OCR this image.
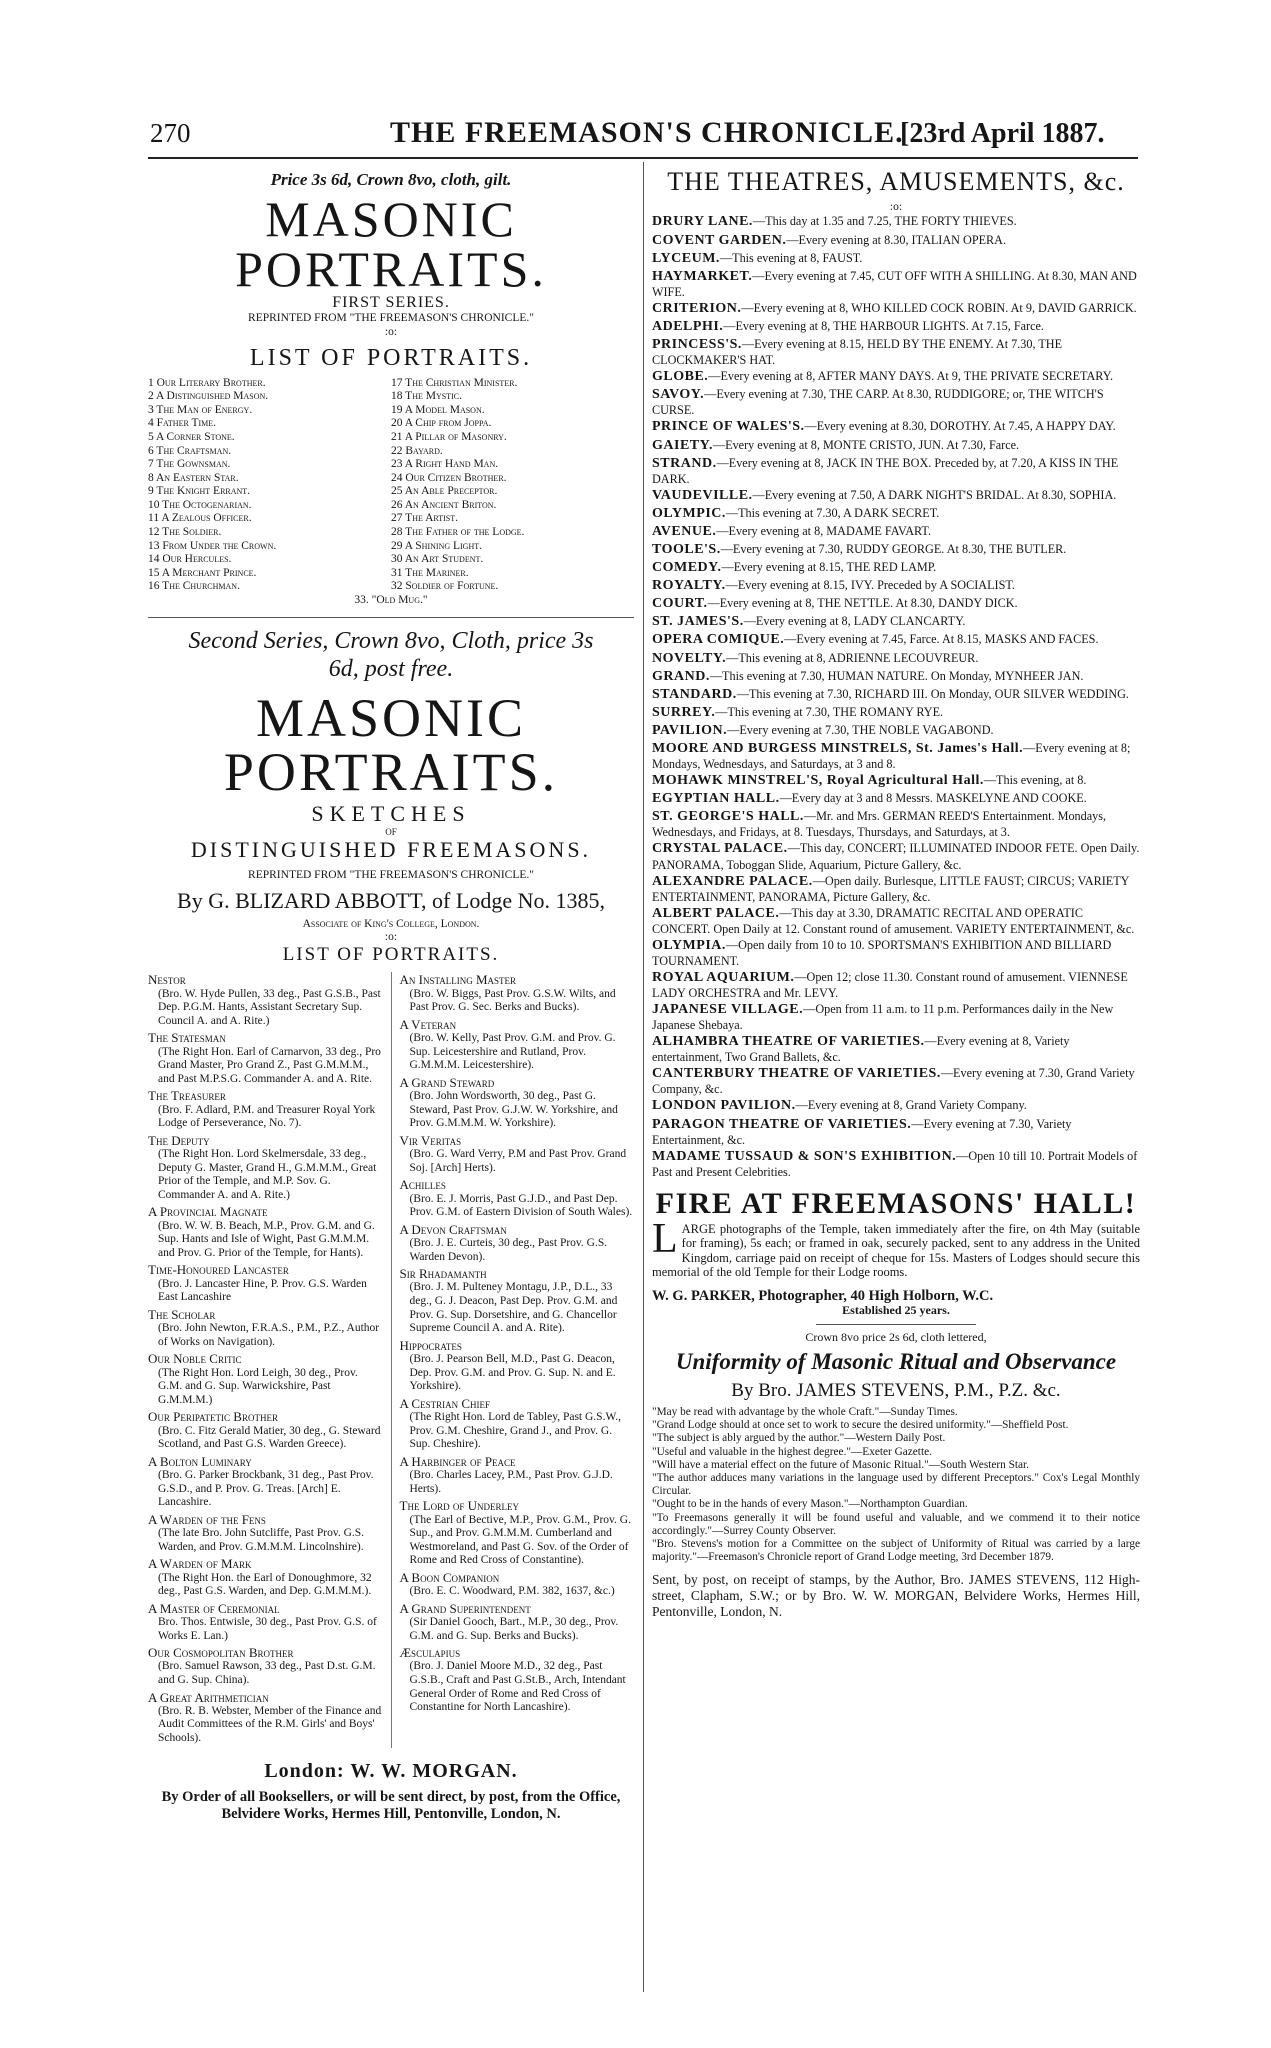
270	THE FREEMASON'S CHRONICLE.
[23rd April 1887.
Price 3s 6d, Crown 8vo, cloth, gilt.
MASONIC PORTRAITS.
FIRST SERIES.
REPRINTED FROM "THE FREEMASON'S CHRONICLE."
:o:
LIST OF PORTRAITS.
1 Our Literary Brother.
2 A Distinguished Mason.
3 The Man of Energy.
4 Father Time.
5 A Corner Stone.
6 The Craftsman.
7 The Gownsman.
8 An Eastern Star.
9 The Knight Errant.
10 The Octogenarian.
11 A Zealous Officer.
12 The Soldier.
13 From Under the Crown.
14 Our Hercules.
15 A Merchant Prince.
16 The Churchman.
17 The Christian Minister.
18 The Mystic.
19 A Model Mason.
20 A Chip from Joppa.
21 A Pillar of Masonry.
22 Bayard.
23 A Right Hand Man.
24 Our Citizen Brother.
25 An Able Preceptor.
26 An Ancient Briton.
27 The Artist.
28 The Father of the Lodge.
29 A Shining Light.
30 An Art Student.
31 The Mariner.
32 Soldier of Fortune.
33. "Old Mug."
Second Series, Crown 8vo, Cloth, price 3s 6d, post free.
MASONIC PORTRAITS.
SKETCHES
OF
DISTINGUISHED FREEMASONS.
REPRINTED FROM "THE FREEMASON'S CHRONICLE."
By G. BLIZARD ABBOTT, of Lodge No. 1385,
Associate of King's College, London.
:o:
LIST OF PORTRAITS.
Nestor
(Bro. W. Hyde Pullen, 33 deg., Past G.S.B., Past Dep. P.G.M. Hants, Assistant Secretary Sup. Council A. and A. Rite.)
The Statesman
(The Right Hon. Earl of Carnarvon, 33 deg., Pro Grand Master, Pro Grand Z., Past G.M.M.M., and Past M.P.S.G. Commander A. and A. Rite.
The Treasurer
(Bro. F. Adlard, P.M. and Treasurer Royal York Lodge of Perseverance, No. 7).
The Deputy
(The Right Hon. Lord Skelmersdale, 33 deg., Deputy G. Master, Grand H., G.M.M.M., Great Prior of the Temple, and M.P. Sov. G. Commander A. and A. Rite.)
A Provincial Magnate
(Bro. W. W. B. Beach, M.P., Prov. G.M. and G. Sup. Hants and Isle of Wight, Past G.M.M.M. and Prov. G. Prior of the Temple, for Hants).
Time-Honoured Lancaster
(Bro. J. Lancaster Hine, P. Prov. G.S. Warden East Lancashire
The Scholar
(Bro. John Newton, F.R.A.S., P.M., P.Z., Author of Works on Navigation).
Our Noble Critic
(The Right Hon. Lord Leigh, 30 deg., Prov. G.M. and G. Sup. Warwickshire, Past G.M.M.M.)
Our Peripatetic Brother
(Bro. C. Fitz Gerald Matier, 30 deg., G. Steward Scotland, and Past G.S. Warden Greece).
A Bolton Luminary
(Bro. G. Parker Brockbank, 31 deg., Past Prov. G.S.D., and P. Prov. G. Treas. [Arch] E. Lancashire.
A Warden of the Fens
(The late Bro. John Sutcliffe, Past Prov. G.S. Warden, and Prov. G.M.M.M. Lincolnshire).
A Warden of Mark
(The Right Hon. the Earl of Donoughmore, 32 deg., Past G.S. Warden, and Dep. G.M.M.M.).
A Master of Ceremonial
Bro. Thos. Entwisle, 30 deg., Past Prov. G.S. of Works E. Lan.)
Our Cosmopolitan Brother
(Bro. Samuel Rawson, 33 deg., Past D.st. G.M. and G. Sup. China).
A Great Arithmetician
(Bro. R. B. Webster, Member of the Finance and Audit Committees of the R.M. Girls' and Boys' Schools).
An Installing Master
(Bro. W. Biggs, Past Prov. G.S.W. Wilts, and Past Prov. G. Sec. Berks and Bucks).
A Veteran
(Bro. W. Kelly, Past Prov. G.M. and Prov. G. Sup. Leicestershire and Rutland, Prov. G.M.M.M. Leicestershire).
A Grand Steward
(Bro. John Wordsworth, 30 deg., Past G. Steward, Past Prov. G.J.W. W. Yorkshire, and Prov. G.M.M.M. W. Yorkshire).
Vir Veritas
(Bro. G. Ward Verry, P.M and Past Prov. Grand Soj. [Arch] Herts).
Achilles
(Bro. E. J. Morris, Past G.J.D., and Past Dep. Prov. G.M. of Eastern Division of South Wales).
A Devon Craftsman
(Bro. J. E. Curteis, 30 deg., Past Prov. G.S. Warden Devon).
Sir Rhadamanth
(Bro. J. M. Pulteney Montagu, J.P., D.L., 33 deg., G. J. Deacon, Past Dep. Prov. G.M. and Prov. G. Sup. Dorsetshire, and G. Chancellor Supreme Council A. and A. Rite).
Hippocrates
(Bro. J. Pearson Bell, M.D., Past G. Deacon, Dep. Prov. G.M. and Prov. G. Sup. N. and E. Yorkshire).
A Cestrian Chief
(The Right Hon. Lord de Tabley, Past G.S.W., Prov. G.M. Cheshire, Grand J., and Prov. G. Sup. Cheshire).
A Harbinger of Peace
(Bro. Charles Lacey, P.M., Past Prov. G.J.D. Herts).
The Lord of Underley
(The Earl of Bective, M.P., Prov. G.M., Prov. G. Sup., and Prov. G.M.M.M. Cumberland and Westmoreland, and Past G. Sov. of the Order of Rome and Red Cross of Constantine).
A Boon Companion
(Bro. E. C. Woodward, P.M. 382, 1637, &c.)
A Grand Superintendent
(Sir Daniel Gooch, Bart., M.P., 30 deg., Prov. G.M. and G. Sup. Berks and Bucks).
Æsculapius
(Bro. J. Daniel Moore M.D., 32 deg., Past G.S.B., Craft and Past G.St.B., Arch, Intendant General Order of Rome and Red Cross of Constantine for North Lancashire).
London: W. W. MORGAN.
By Order of all Booksellers, or will be sent direct, by post, from the Office, Belvidere Works, Hermes Hill, Pentonville, London, N.
THE THEATRES, AMUSEMENTS, &c.
:o:
DRURY LANE.—This day at 1.35 and 7.25, THE FORTY THIEVES.
COVENT GARDEN.—Every evening at 8.30, ITALIAN OPERA.
LYCEUM.—This evening at 8, FAUST.
HAYMARKET.—Every evening at 7.45, CUT OFF WITH A SHILLING. At 8.30, MAN AND WIFE.
CRITERION.—Every evening at 8, WHO KILLED COCK ROBIN. At 9, DAVID GARRICK.
ADELPHI.—Every evening at 8, THE HARBOUR LIGHTS. At 7.15, Farce.
PRINCESS'S.—Every evening at 8.15, HELD BY THE ENEMY. At 7.30, THE CLOCKMAKER'S HAT.
GLOBE.—Every evening at 8, AFTER MANY DAYS. At 9, THE PRIVATE SECRETARY.
SAVOY.—Every evening at 7.30, THE CARP. At 8.30, RUDDIGORE; or, THE WITCH'S CURSE.
PRINCE OF WALES'S.—Every evening at 8.30, DOROTHY. At 7.45, A HAPPY DAY.
GAIETY.—Every evening at 8, MONTE CRISTO, JUN. At 7.30, Farce.
STRAND.—Every evening at 8, JACK IN THE BOX. Preceded by, at 7.20, A KISS IN THE DARK.
VAUDEVILLE.—Every evening at 7.50, A DARK NIGHT'S BRIDAL. At 8.30, SOPHIA.
OLYMPIC.—This evening at 7.30, A DARK SECRET.
AVENUE.—Every evening at 8, MADAME FAVART.
TOOLE'S.—Every evening at 7.30, RUDDY GEORGE. At 8.30, THE BUTLER.
COMEDY.—Every evening at 8.15, THE RED LAMP.
ROYALTY.—Every evening at 8.15, IVY. Preceded by A SOCIALIST.
COURT.—Every evening at 8, THE NETTLE. At 8.30, DANDY DICK.
ST. JAMES'S.—Every evening at 8, LADY CLANCARTY.
OPERA COMIQUE.—Every evening at 7.45, Farce. At 8.15, MASKS AND FACES.
NOVELTY.—This evening at 8, ADRIENNE LECOUVREUR.
GRAND.—This evening at 7.30, HUMAN NATURE. On Monday, MYNHEER JAN.
STANDARD.—This evening at 7.30, RICHARD III. On Monday, OUR SILVER WEDDING.
SURREY.—This evening at 7.30, THE ROMANY RYE.
PAVILION.—Every evening at 7.30, THE NOBLE VAGABOND.
MOORE AND BURGESS MINSTRELS, St. James's Hall.—Every evening at 8; Mondays, Wednesdays, and Saturdays, at 3 and 8.
MOHAWK MINSTREL'S, Royal Agricultural Hall.—This evening, at 8.
EGYPTIAN HALL.—Every day at 3 and 8 Messrs. MASKELYNE AND COOKE.
ST. GEORGE'S HALL.—Mr. and Mrs. GERMAN REED'S Entertainment. Mondays, Wednesdays, and Fridays, at 8. Tuesdays, Thursdays, and Saturdays, at 3.
CRYSTAL PALACE.—This day, CONCERT; ILLUMINATED INDOOR FETE. Open Daily. PANORAMA, Toboggan Slide, Aquarium, Picture Gallery, &c.
ALEXANDRE PALACE.—Open daily. Burlesque, LITTLE FAUST; CIRCUS; VARIETY ENTERTAINMENT, PANORAMA, Picture Gallery, &c.
ALBERT PALACE.—This day at 3.30, DRAMATIC RECITAL AND OPERATIC CONCERT. Open Daily at 12. Constant round of amusement. VARIETY ENTERTAINMENT, &c.
OLYMPIA.—Open daily from 10 to 10. SPORTSMAN'S EXHIBITION AND BILLIARD TOURNAMENT.
ROYAL AQUARIUM.—Open 12; close 11.30. Constant round of amusement. VIENNESE LADY ORCHESTRA and Mr. LEVY.
JAPANESE VILLAGE.—Open from 11 a.m. to 11 p.m. Performances daily in the New Japanese Shebaya.
ALHAMBRA THEATRE OF VARIETIES.—Every evening at 8, Variety entertainment, Two Grand Ballets, &c.
CANTERBURY THEATRE OF VARIETIES.—Every evening at 7.30, Grand Variety Company, &c.
LONDON PAVILION.—Every evening at 8, Grand Variety Company.
PARAGON THEATRE OF VARIETIES.—Every evening at 7.30, Variety Entertainment, &c.
MADAME TUSSAUD & SON'S EXHIBITION.—Open 10 till 10. Portrait Models of Past and Present Celebrities.
FIRE AT FREEMASONS' HALL!
L ARGE photographs of the Temple, taken immediately after the fire, on 4th May (suitable for framing), 5s each; or framed in oak, securely packed, sent to any address in the United Kingdom, carriage paid on receipt of cheque for 15s. Masters of Lodges should secure this memorial of the old Temple for their Lodge rooms.
W. G. PARKER, Photographer, 40 High Holborn, W.C.
Established 25 years.
Crown 8vo price 2s 6d, cloth lettered,
Uniformity of Masonic Ritual and Observance
By Bro. JAMES STEVENS, P.M., P.Z. &c.
"May be read with advantage by the whole Craft."—Sunday Times.
"Grand Lodge should at once set to work to secure the desired uniformity."—Sheffield Post.
"The subject is ably argued by the author."—Western Daily Post.
"Useful and valuable in the highest degree."—Exeter Gazette.
"Will have a material effect on the future of Masonic Ritual."—South Western Star.
"The author adduces many variations in the language used by different Preceptors." Cox's Legal Monthly Circular.
"Ought to be in the hands of every Mason."—Northampton Guardian.
"To Freemasons generally it will be found useful and valuable, and we commend it to their notice accordingly."—Surrey County Observer.
"Bro. Stevens's motion for a Committee on the subject of Uniformity of Ritual was carried by a large majority."—Freemason's Chronicle report of Grand Lodge meeting, 3rd December 1879.
Sent, by post, on receipt of stamps, by the Author, Bro. JAMES STEVENS, 112 High-street, Clapham, S.W.; or by Bro. W. W. MORGAN, Belvidere Works, Hermes Hill, Pentonville, London, N.
